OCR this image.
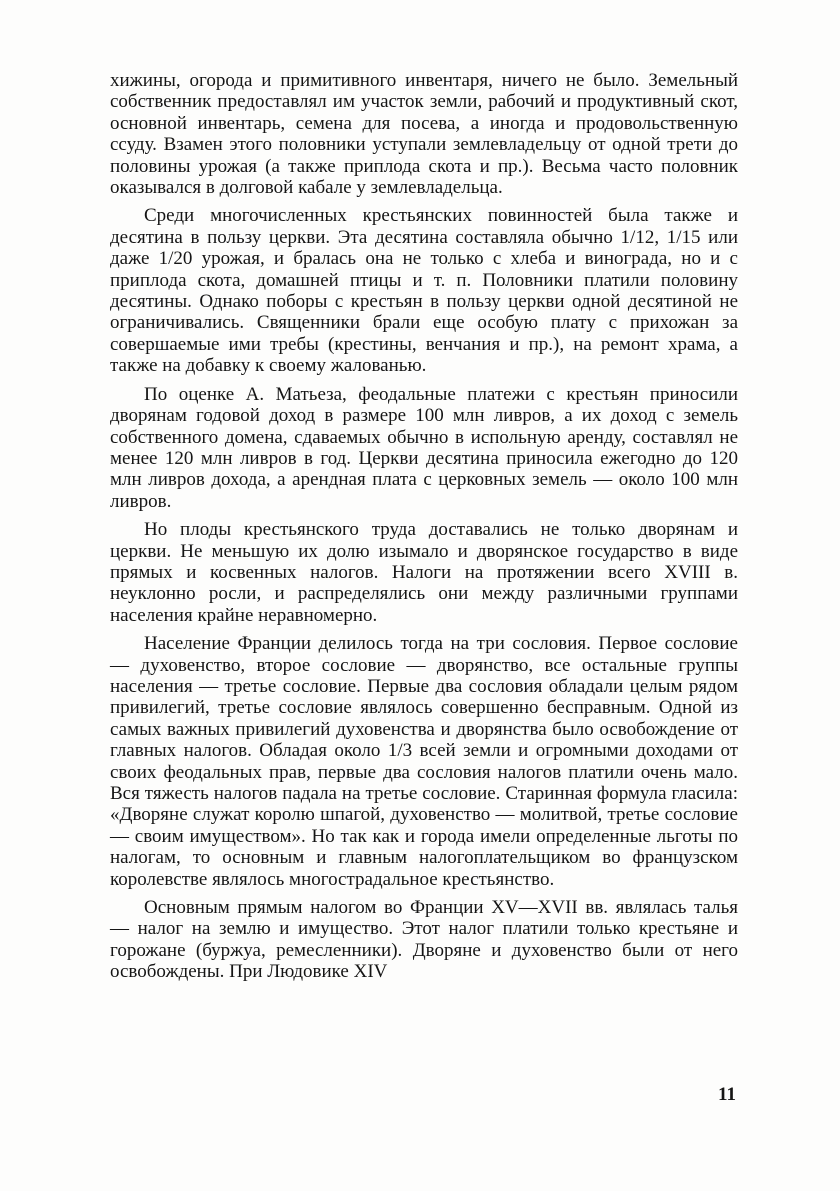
хижины, огорода и примитивного инвентаря, ничего не было. Земельный собственник предоставлял им участок земли, рабочий и продуктивный скот, основной инвентарь, семена для посева, а иногда и продовольственную ссуду. Взамен этого половники уступали землевладельцу от одной трети до половины урожая (а также приплода скота и пр.). Весьма часто половник оказывался в долговой кабале у землевладельца.

Среди многочисленных крестьянских повинностей была также и десятина в пользу церкви. Эта десятина составляла обычно 1/12, 1/15 или даже 1/20 урожая, и бралась она не только с хлеба и винограда, но и с приплода скота, домашней птицы и т. п. Половники платили половину десятины. Однако поборы с крестьян в пользу церкви одной десятиной не ограничивались. Священники брали еще особую плату с прихожан за совершаемые ими требы (крестины, венчания и пр.), на ремонт храма, а также на добавку к своему жалованью.

По оценке А. Матьеза, феодальные платежи с крестьян приносили дворянам годовой доход в размере 100 млн ливров, а их доход с земель собственного домена, сдаваемых обычно в испольную аренду, составлял не менее 120 млн ливров в год. Церкви десятина приносила ежегодно до 120 млн ливров дохода, а арендная плата с церковных земель — около 100 млн ливров.

Но плоды крестьянского труда доставались не только дворянам и церкви. Не меньшую их долю изымало и дворянское государство в виде прямых и косвенных налогов. Налоги на протяжении всего XVIII в. неуклонно росли, и распределялись они между различными группами населения крайне неравномерно.

Население Франции делилось тогда на три сословия. Первое сословие — духовенство, второе сословие — дворянство, все остальные группы населения — третье сословие. Первые два сословия обладали целым рядом привилегий, третье сословие являлось совершенно бесправным. Одной из самых важных привилегий духовенства и дворянства было освобождение от главных налогов. Обладая около 1/3 всей земли и огромными доходами от своих феодальных прав, первые два сословия налогов платили очень мало. Вся тяжесть налогов падала на третье сословие. Старинная формула гласила: «Дворяне служат королю шпагой, духовенство — молитвой, третье сословие — своим имуществом». Но так как и города имели определенные льготы по налогам, то основным и главным налогоплательщиком во французском королевстве являлось многострадальное крестьянство.

Основным прямым налогом во Франции XV—XVII вв. являлась талья — налог на землю и имущество. Этот налог платили только крестьяне и горожане (буржуа, ремесленники). Дворяне и духовенство были от него освобождены. При Людовике XIV

11
